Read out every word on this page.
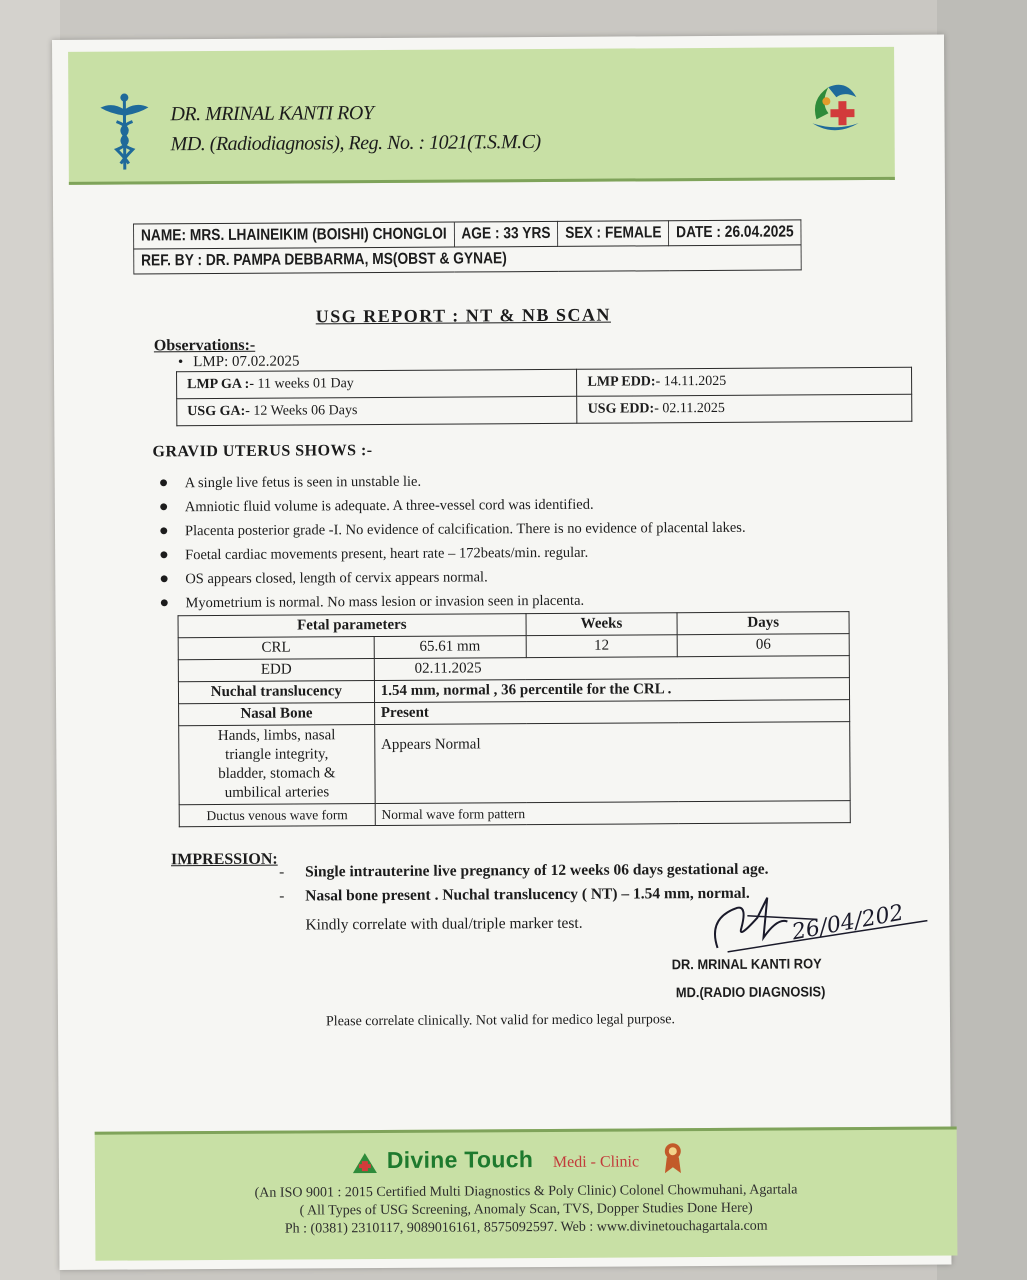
DR. MRINAL KANTI ROY
MD. (Radiodiagnosis), Reg. No. : 1021(T.S.M.C)
NAME: MRS. LHAINEIKIM (BOISHI) CHONGLOI	AGE : 33 YRS	SEX : FEMALE	DATE : 26.04.2025
REF. BY : DR. PAMPA DEBBARMA, MS(OBST & GYNAE)
USG REPORT : NT & NB SCAN
Observations:-
• LMP: 07.02.2025
LMP GA :- 11 weeks 01 Day	LMP EDD:- 14.11.2025
USG GA:- 12 Weeks 06 Days	USG EDD:- 02.11.2025
GRAVID UTERUS SHOWS :-
● A single live fetus is seen in unstable lie.
● Amniotic fluid volume is adequate. A three-vessel cord was identified.
● Placenta posterior grade -I. No evidence of calcification. There is no evidence of placental lakes.
● Foetal cardiac movements present, heart rate – 172beats/min. regular.
● OS appears closed, length of cervix appears normal.
● Myometrium is normal. No mass lesion or invasion seen in placenta.
Fetal parameters		Weeks	Days
CRL	65.61 mm	12	06
EDD	02.11.2025		
Nuchal translucency	1.54 mm, normal , 36 percentile for the CRL .		
Nasal Bone	Present		
Hands, limbs, nasal
triangle integrity,
bladder, stomach &
umbilical arteries	Appears Normal		
Ductus venous wave form	Normal wave form pattern		
IMPRESSION:
- Single intrauterine live pregnancy of 12 weeks 06 days gestational age.
- Nasal bone present . Nuchal translucency ( NT) – 1.54 mm, normal.
Kindly correlate with dual/triple marker test.	26/04/202
DR. MRINAL KANTI ROY
MD.(RADIO DIAGNOSIS)
Please correlate clinically. Not valid for medico legal purpose.
Divine Touch Medi - Clinic
(An ISO 9001 : 2015 Certified Multi Diagnostics & Poly Clinic) Colonel Chowmuhani, Agartala
( All Types of USG Screening, Anomaly Scan, TVS, Dopper Studies Done Here)
Ph : (0381) 2310117, 9089016161, 8575092597. Web : www.divinetouchagartala.com
